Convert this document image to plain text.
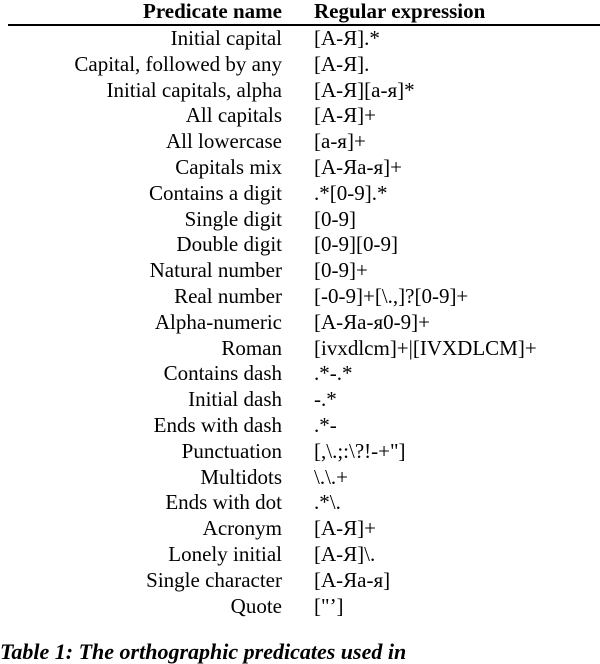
Predicate name Regular expression
Initial capital [А-Я].*
Capital, followed by any [А-Я].
Initial capitals, alpha [А-Я][а-я]*
All capitals [А-Я]+
All lowercase [а-я]+
Capitals mix [А-Яа-я]+
Contains a digit .*[0-9].*
Single digit [0-9]
Double digit [0-9][0-9]
Natural number [0-9]+
Real number [-0-9]+[\.,]?[0-9]+
Alpha-numeric [А-Яа-я0-9]+
Roman [ivxdlcm]+|[IVXDLCM]+
Contains dash .*-.*
Initial dash -.*
Ends with dash .*-
Punctuation [,\.;:\?!-+"]
Multidots \.\.+
Ends with dot .*\.
Acronym [А-Я]+
Lonely initial [А-Я]\.
Single character [А-Яа-я]
Quote ["’]
Table 1: The orthographic predicates used in
